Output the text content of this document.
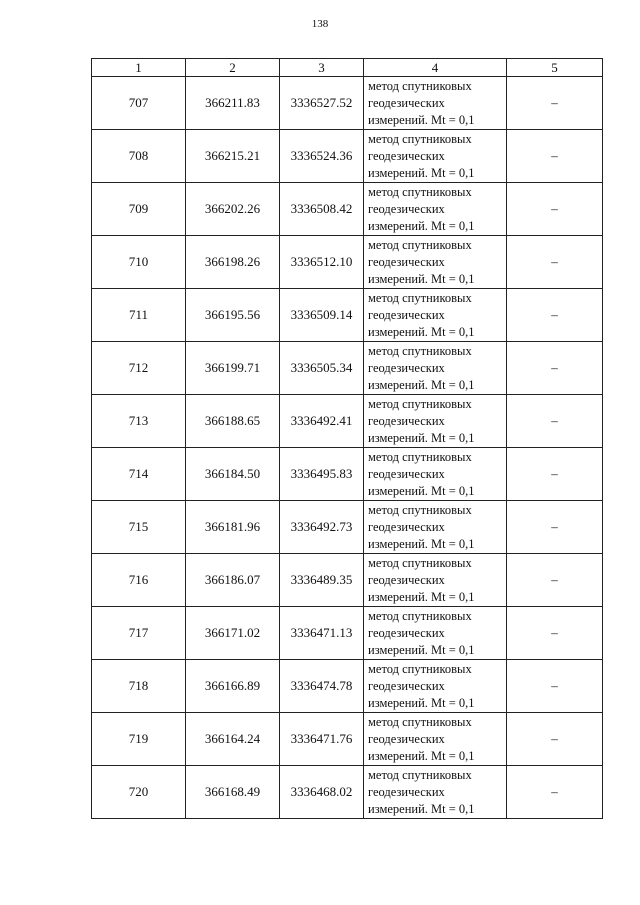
138
1	2	3	4	5
707	366211.83	3336527.52	метод спутниковых
геодезических
измерений. Mt = 0,1	–
708	366215.21	3336524.36	метод спутниковых
геодезических
измерений. Mt = 0,1	–
709	366202.26	3336508.42	метод спутниковых
геодезических
измерений. Mt = 0,1	–
710	366198.26	3336512.10	метод спутниковых
геодезических
измерений. Mt = 0,1	–
711	366195.56	3336509.14	метод спутниковых
геодезических
измерений. Mt = 0,1	–
712	366199.71	3336505.34	метод спутниковых
геодезических
измерений. Mt = 0,1	–
713	366188.65	3336492.41	метод спутниковых
геодезических
измерений. Mt = 0,1	–
714	366184.50	3336495.83	метод спутниковых
геодезических
измерений. Mt = 0,1	–
715	366181.96	3336492.73	метод спутниковых
геодезических
измерений. Mt = 0,1	–
716	366186.07	3336489.35	метод спутниковых
геодезических
измерений. Mt = 0,1	–
717	366171.02	3336471.13	метод спутниковых
геодезических
измерений. Mt = 0,1	–
718	366166.89	3336474.78	метод спутниковых
геодезических
измерений. Mt = 0,1	–
719	366164.24	3336471.76	метод спутниковых
геодезических
измерений. Mt = 0,1	–
720	366168.49	3336468.02	метод спутниковых
геодезических
измерений. Mt = 0,1	–
